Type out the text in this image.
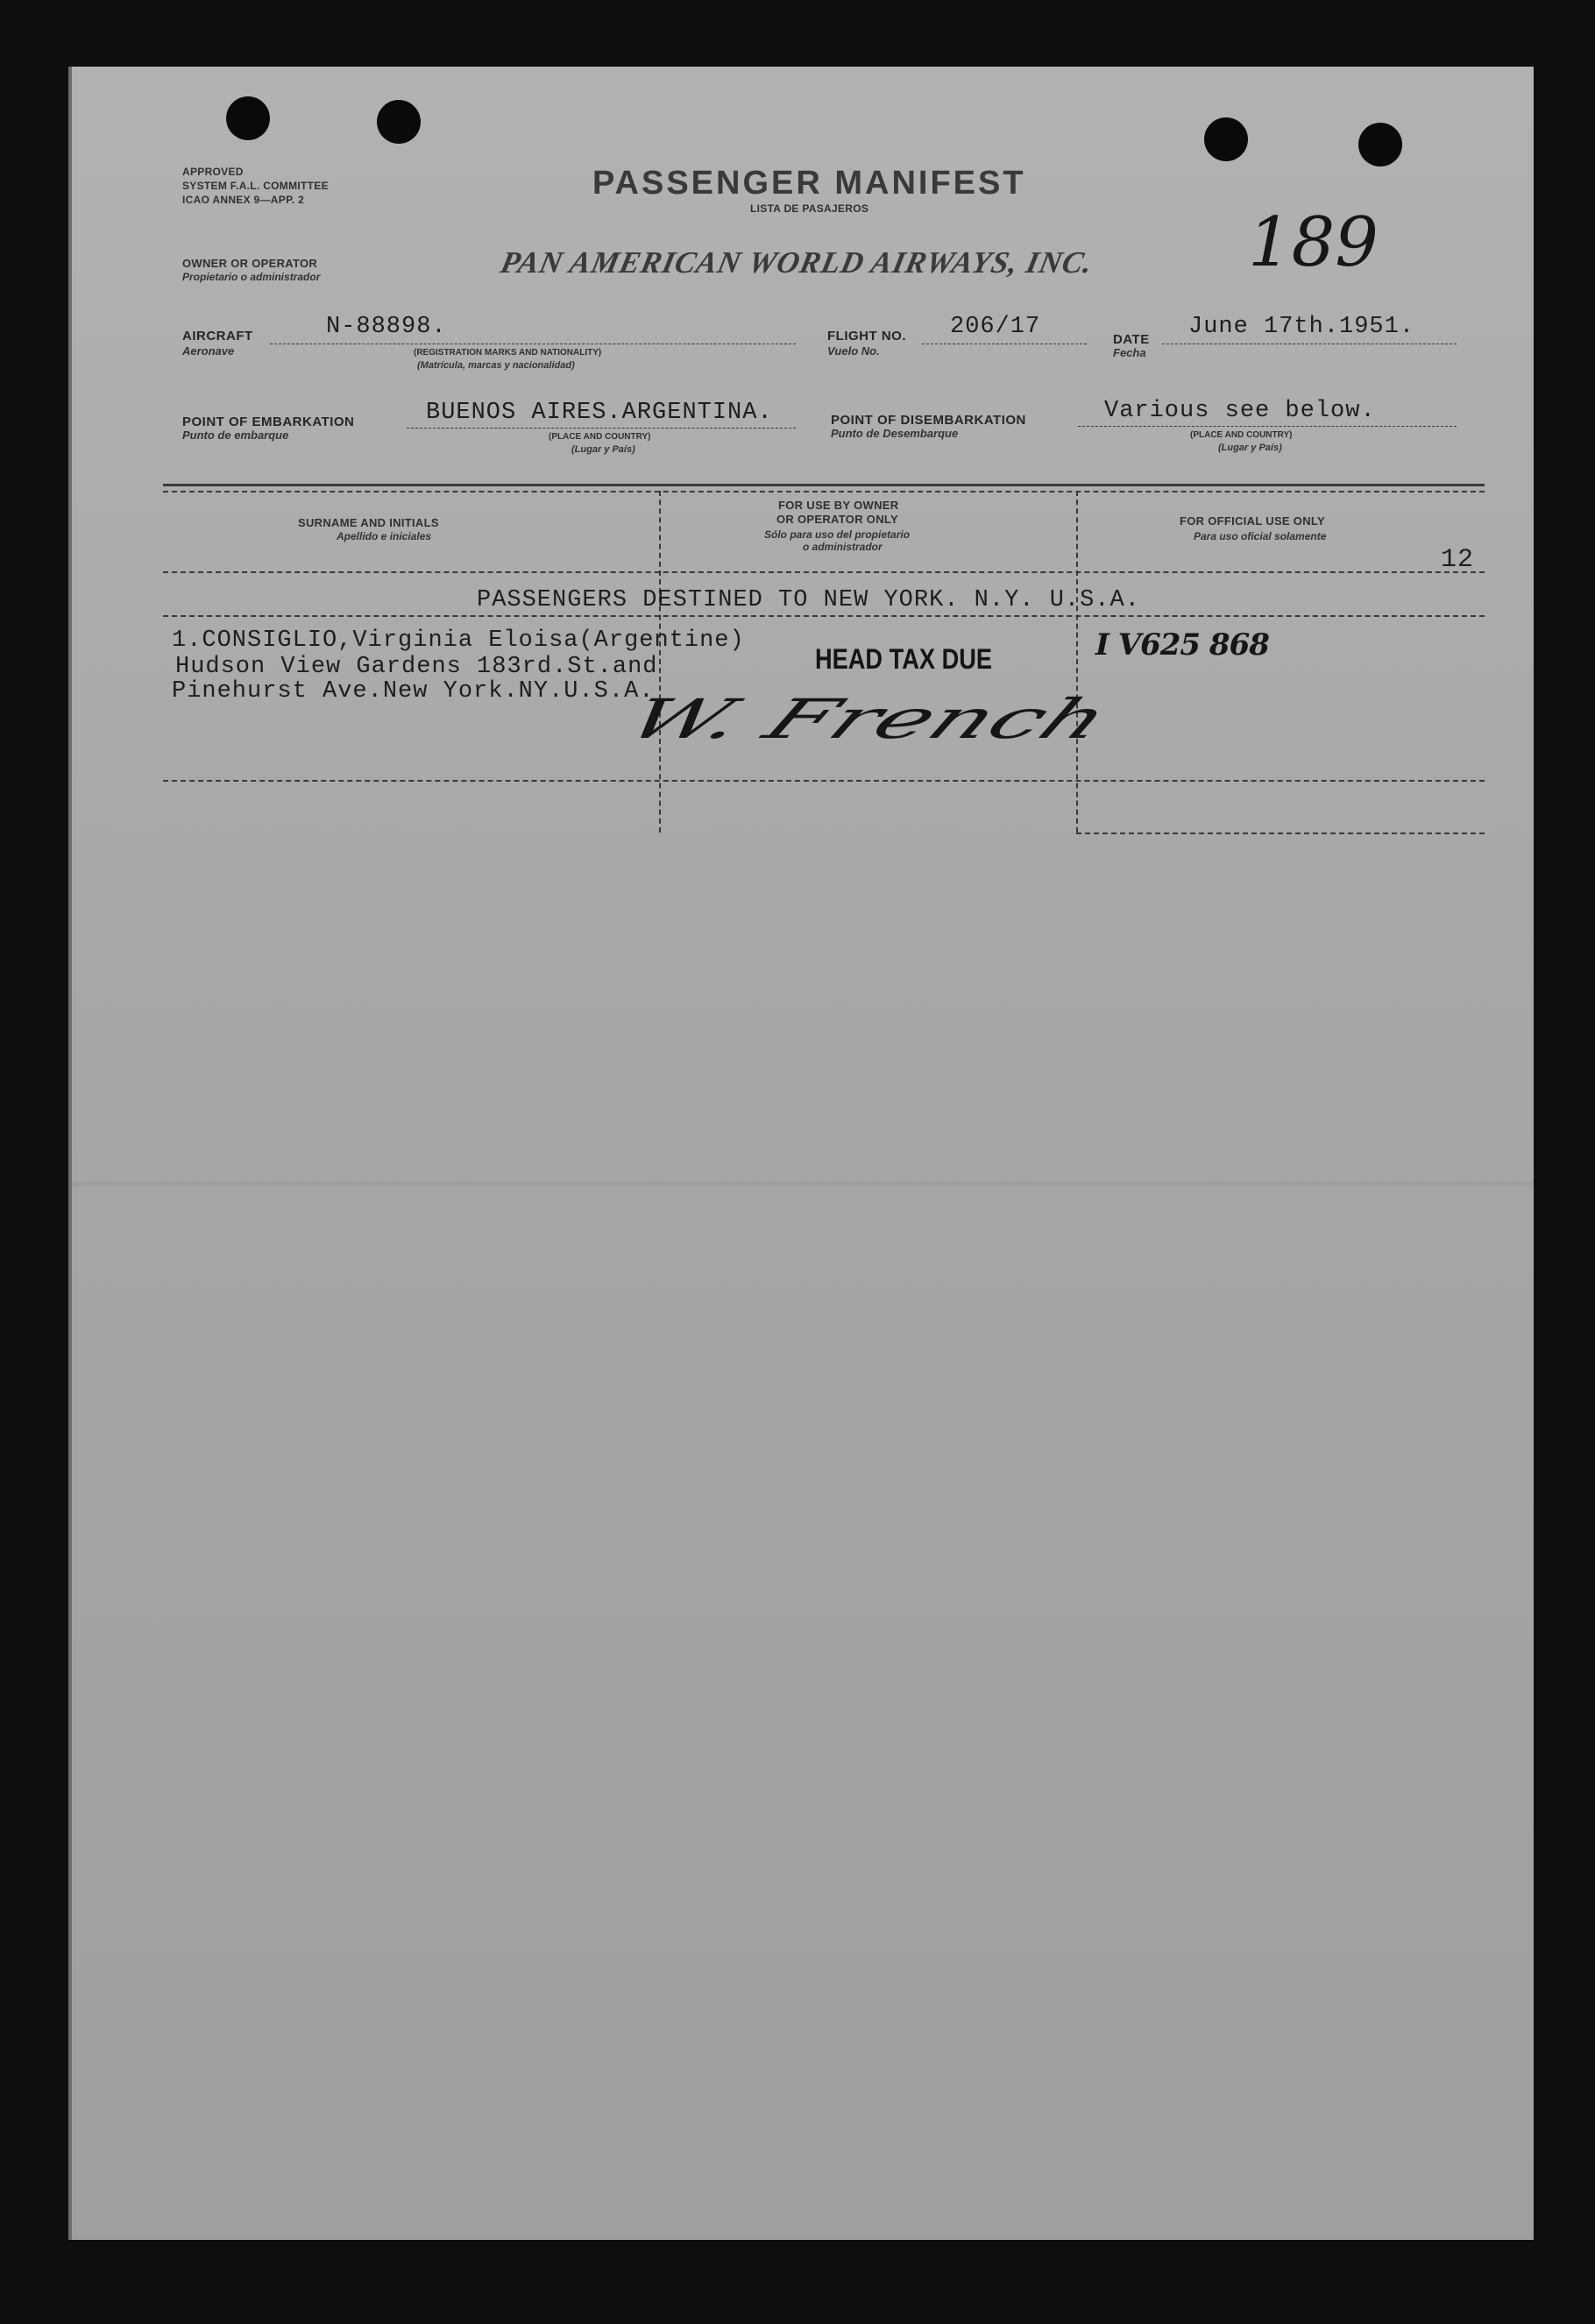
APPROVED
SYSTEM F.A.L. COMMITTEE
ICAO ANNEX 9—APP. 2	PASSENGER MANIFEST
LISTA DE PASAJEROS
OWNER OR OPERATOR
Propietario o administrador	PAN AMERICAN WORLD AIRWAYS, INC. 189
AIRCRAFT
Aeronave
N-88898.
(REGISTRATION MARKS AND NATIONALITY)
(Matrícula, marcas y nacionalidad)
FLIGHT NO.
Vuelo No.
206/17	DATE
Fecha
June 17th.1951.
POINT OF EMBARKATION
Punto de embarque
BUENOS AIRES.ARGENTINA.
(PLACE AND COUNTRY)
(Lugar y País)
POINT OF DISEMBARKATION
Punto de Desembarque
Various see below.
(PLACE AND COUNTRY)
(Lugar y País)
SURNAME AND INITIALS
Apellido e iniciales
FOR USE BY OWNER
OR OPERATOR ONLY
Sólo para uso del propietario
o administrador
FOR OFFICIAL USE ONLY
Para uso oficial solamente
12
PASSENGERS DESTINED TO NEW YORK. N.Y. U.S.A.
1.CONSIGLIO,Virginia Eloisa(Argentine)
Hudson View Gardens 183rd.St.and
Pinehurst Ave.New York.NY.U.S.A.
HEAD TAX DUE	I V625 868
W. French
